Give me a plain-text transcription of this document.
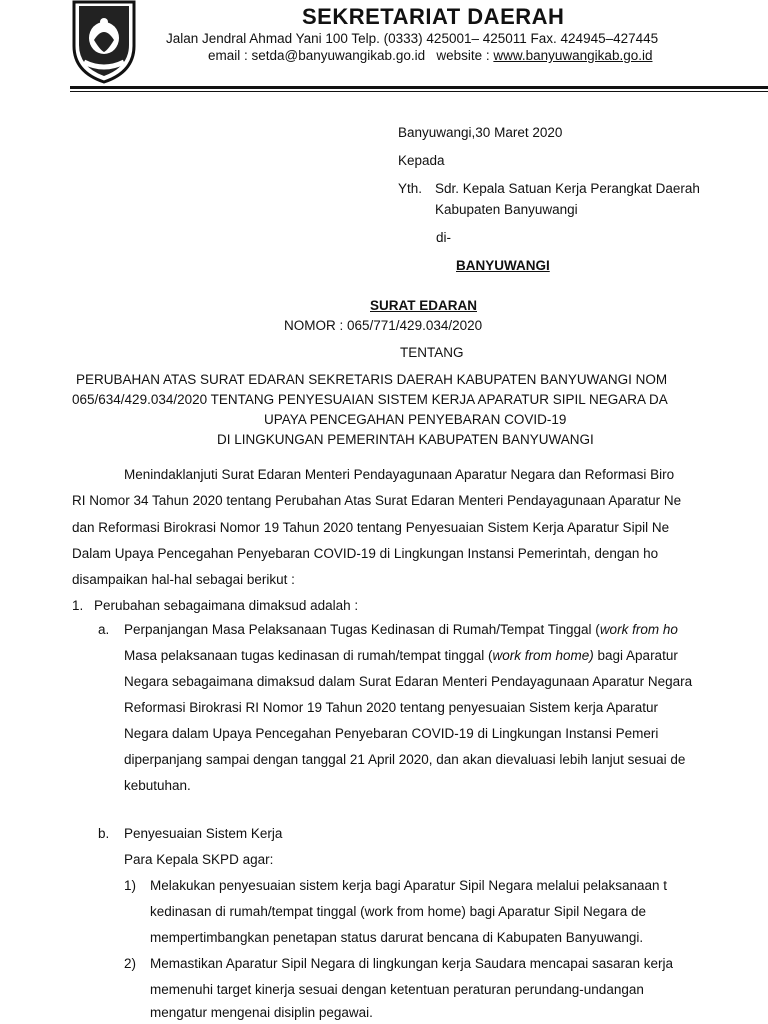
SEKRETARIAT DAERAH
Jalan Jendral Ahmad Yani 100 Telp. (0333) 425001– 425011 Fax. 424945–427445
email : setda@banyuwangikab.go.id   website : www.banyuwangikab.go.id
Banyuwangi,30 Maret 2020
Kepada
Yth. Sdr. Kepala Satuan Kerja Perangkat Daerah
Kabupaten Banyuwangi
di-
BANYUWANGI
SURAT EDARAN
NOMOR : 065/771/429.034/2020
TENTANG
PERUBAHAN ATAS SURAT EDARAN SEKRETARIS DAERAH KABUPATEN BANYUWANGI NOM
065/634/429.034/2020 TENTANG PENYESUAIAN SISTEM KERJA APARATUR SIPIL NEGARA DA
UPAYA PENCEGAHAN PENYEBARAN COVID-19
DI LINGKUNGAN PEMERINTAH KABUPATEN BANYUWANGI
Menindaklanjuti Surat Edaran Menteri Pendayagunaan Aparatur Negara dan Reformasi Biro
RI Nomor 34 Tahun 2020 tentang Perubahan Atas Surat Edaran Menteri Pendayagunaan Aparatur Ne
dan Reformasi Birokrasi Nomor 19 Tahun 2020 tentang Penyesuaian Sistem Kerja Aparatur Sipil Ne
Dalam Upaya Pencegahan Penyebaran COVID-19 di Lingkungan Instansi Pemerintah, dengan ho
disampaikan hal-hal sebagai berikut :
1. Perubahan sebagaimana dimaksud adalah :
a. Perpanjangan Masa Pelaksanaan Tugas Kedinasan di Rumah/Tempat Tinggal (work from ho
Masa pelaksanaan tugas kedinasan di rumah/tempat tinggal (work from home) bagi Aparatur
Negara sebagaimana dimaksud dalam Surat Edaran Menteri Pendayagunaan Aparatur Negara
Reformasi Birokrasi RI Nomor 19 Tahun 2020 tentang penyesuaian Sistem kerja Aparatur
Negara dalam Upaya Pencegahan Penyebaran COVID-19 di Lingkungan Instansi Pemeri
diperpanjang sampai dengan tanggal 21 April 2020, dan akan dievaluasi lebih lanjut sesuai de
kebutuhan.
b. Penyesuaian Sistem Kerja
Para Kepala SKPD agar:
1) Melakukan penyesuaian sistem kerja bagi Aparatur Sipil Negara melalui pelaksanaan t
kedinasan di rumah/tempat tinggal (work from home) bagi Aparatur Sipil Negara de
mempertimbangkan penetapan status darurat bencana di Kabupaten Banyuwangi.
2) Memastikan Aparatur Sipil Negara di lingkungan kerja Saudara mencapai sasaran kerja
memenuhi target kinerja sesuai dengan ketentuan peraturan perundang-undangan
mengatur mengenai disiplin pegawai.
